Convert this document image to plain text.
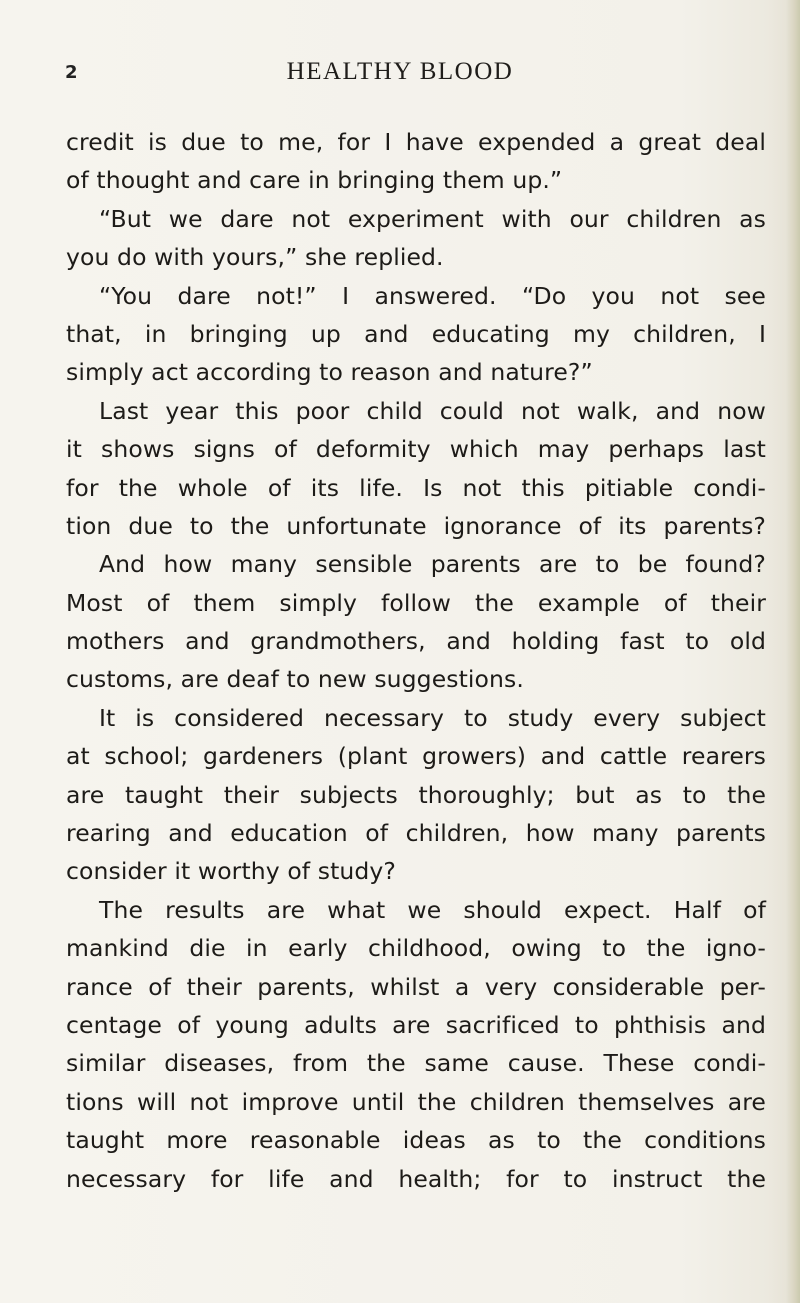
2	HEALTHY BLOOD
credit is due to me, for I have expended a great deal
of thought and care in bringing them up.”
“But we dare not experiment with our children as
you do with yours,” she replied.
“You dare not!” I answered. “Do you not see
that, in bringing up and educating my children, I
simply act according to reason and nature?”
Last year this poor child could not walk, and now
it shows signs of deformity which may perhaps last
for the whole of its life. Is not this pitiable condi-
tion due to the unfortunate ignorance of its parents?
And how many sensible parents are to be found?
Most of them simply follow the example of their
mothers and grandmothers, and holding fast to old
customs, are deaf to new suggestions.
It is considered necessary to study every subject
at school; gardeners (plant growers) and cattle rearers
are taught their subjects thoroughly; but as to the
rearing and education of children, how many parents
consider it worthy of study?
The results are what we should expect. Half of
mankind die in early childhood, owing to the igno-
rance of their parents, whilst a very considerable per-
centage of young adults are sacrificed to phthisis and
similar diseases, from the same cause. These condi-
tions will not improve until the children themselves are
taught more reasonable ideas as to the conditions
necessary for life and health; for to instruct the
